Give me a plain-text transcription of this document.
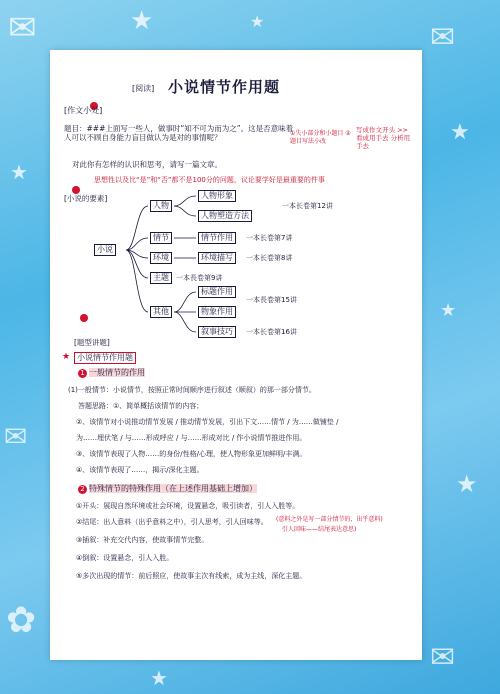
✉	★	★	✉
★
★
★
✉
★
✿
★
✉
[阅读] 小说情节作用题
[作文小处]
题目：###上面写一些人，做事时“知不可为而为之”。这是否意味着人可以不顾自身能力盲目做认为是对的事情呢？	①失小部分和小题目 ②题目写法小改
写成作文开头 >> 看成用手去 分析用手去
对此你有怎样的认识和思考，请写一篇文章。
思想性以及比“是”和“否”都不是100分的问题，议论要学好是最重要的件事
[小说的要素]
小说
人物
人物形象
人物塑造方法
一本长卷第12讲
情节	情节作用	一本长卷第7讲
环境	环境描写	一本长卷第8讲
主题	一本長卷第9讲
其他
标题作用
物象作用
叙事技巧
一本長卷第15讲
一本长卷第16讲
[题型讲题]
★ 小说情节作用题
1 一般情节的作用
(1)一般情节：小说情节，按照正常时间顺序进行叙述（顺叙）的那一部分情节。
答题思路：①、简单概括该情节的内容；
②、该情节对小说推动情节发展 / 推动情节发展，引出下文……情节 / 为……做铺垫 /
为……埋伏笔 / 与……形成呼应 / 与……形成对比 / 作小说情节推进作用。
③、该情节表现了人物……的身份/性格/心理，使人物形象更加鲜明/丰满。
④、该情节表现了……，揭示/深化主题。
2 特殊情节的特殊作用（在上述作用基础上增加）
①开头：展现自然环境或社会环境，设置悬念，吸引读者，引人入胜等。
②结尾：出人意料（出乎意料之中），引人思考，引人回味等。 (意料之外是写一部分情节的，出乎意料)
引人回味——结尾表达意思)
③插叙：补充交代内容，使故事情节完整。
④倒叙：设置悬念，引人入胜。
⑤多次出现的情节：前后照应，使故事主次有线索，成为主线，深化主题。
